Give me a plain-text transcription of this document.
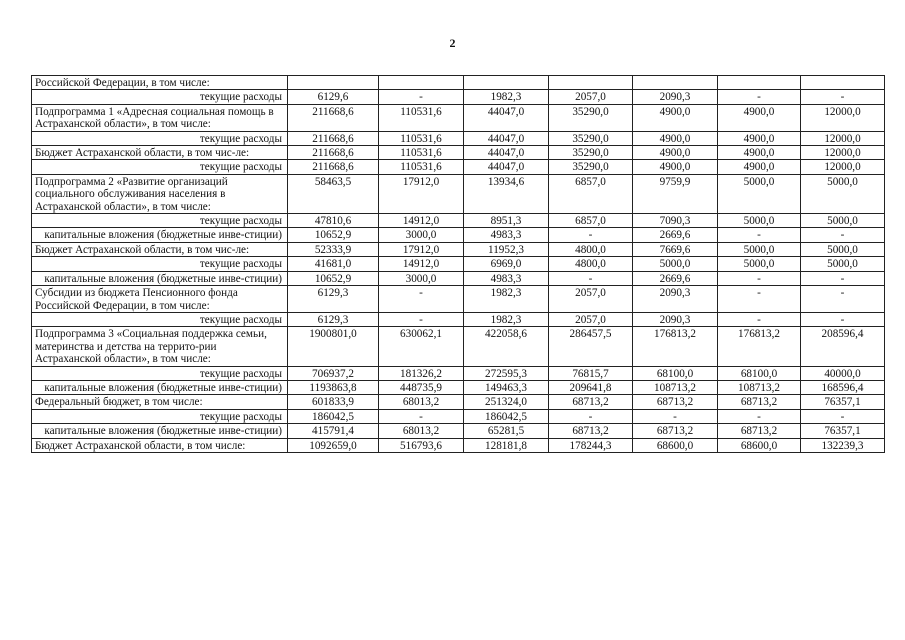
2
Российской Федерации, в том числе:							
текущие расходы	6129,6	-	1982,3	2057,0	2090,3	-	-
Подпрограмма 1 «Адресная социальная помощь в Астраханской области», в том числе:	211668,6	110531,6	44047,0	35290,0	4900,0	4900,0	12000,0
текущие расходы	211668,6	110531,6	44047,0	35290,0	4900,0	4900,0	12000,0
Бюджет Астраханской области, в том чис-ле:	211668,6	110531,6	44047,0	35290,0	4900,0	4900,0	12000,0
текущие расходы	211668,6	110531,6	44047,0	35290,0	4900,0	4900,0	12000,0
Подпрограмма 2 «Развитие организаций социального обслуживания населения в Астраханской области», в том числе:	58463,5	17912,0	13934,6	6857,0	9759,9	5000,0	5000,0
текущие расходы	47810,6	14912,0	8951,3	6857,0	7090,3	5000,0	5000,0
капитальные вложения (бюджетные инве-стиции)	10652,9	3000,0	4983,3	-	2669,6	-	-
Бюджет Астраханской области, в том чис-ле:	52333,9	17912,0	11952,3	4800,0	7669,6	5000,0	5000,0
текущие расходы	41681,0	14912,0	6969,0	4800,0	5000,0	5000,0	5000,0
капитальные вложения (бюджетные инве-стиции)	10652,9	3000,0	4983,3	-	2669,6	-	-
Субсидии из бюджета Пенсионного фонда Российской Федерации, в том числе:	6129,3	-	1982,3	2057,0	2090,3	-	-
текущие расходы	6129,3	-	1982,3	2057,0	2090,3	-	-
Подпрограмма 3 «Социальная поддержка семьи, материнства и детства на террито-рии Астраханской области», в том числе:	1900801,0	630062,1	422058,6	286457,5	176813,2	176813,2	208596,4
текущие расходы	706937,2	181326,2	272595,3	76815,7	68100,0	68100,0	40000,0
капитальные вложения (бюджетные инве-стиции)	1193863,8	448735,9	149463,3	209641,8	108713,2	108713,2	168596,4
Федеральный бюджет, в том числе:	601833,9	68013,2	251324,0	68713,2	68713,2	68713,2	76357,1
текущие расходы	186042,5	-	186042,5	-	-	-	-
капитальные вложения (бюджетные инве-стиции)	415791,4	68013,2	65281,5	68713,2	68713,2	68713,2	76357,1
Бюджет Астраханской области, в том числе:	1092659,0	516793,6	128181,8	178244,3	68600,0	68600,0	132239,3
